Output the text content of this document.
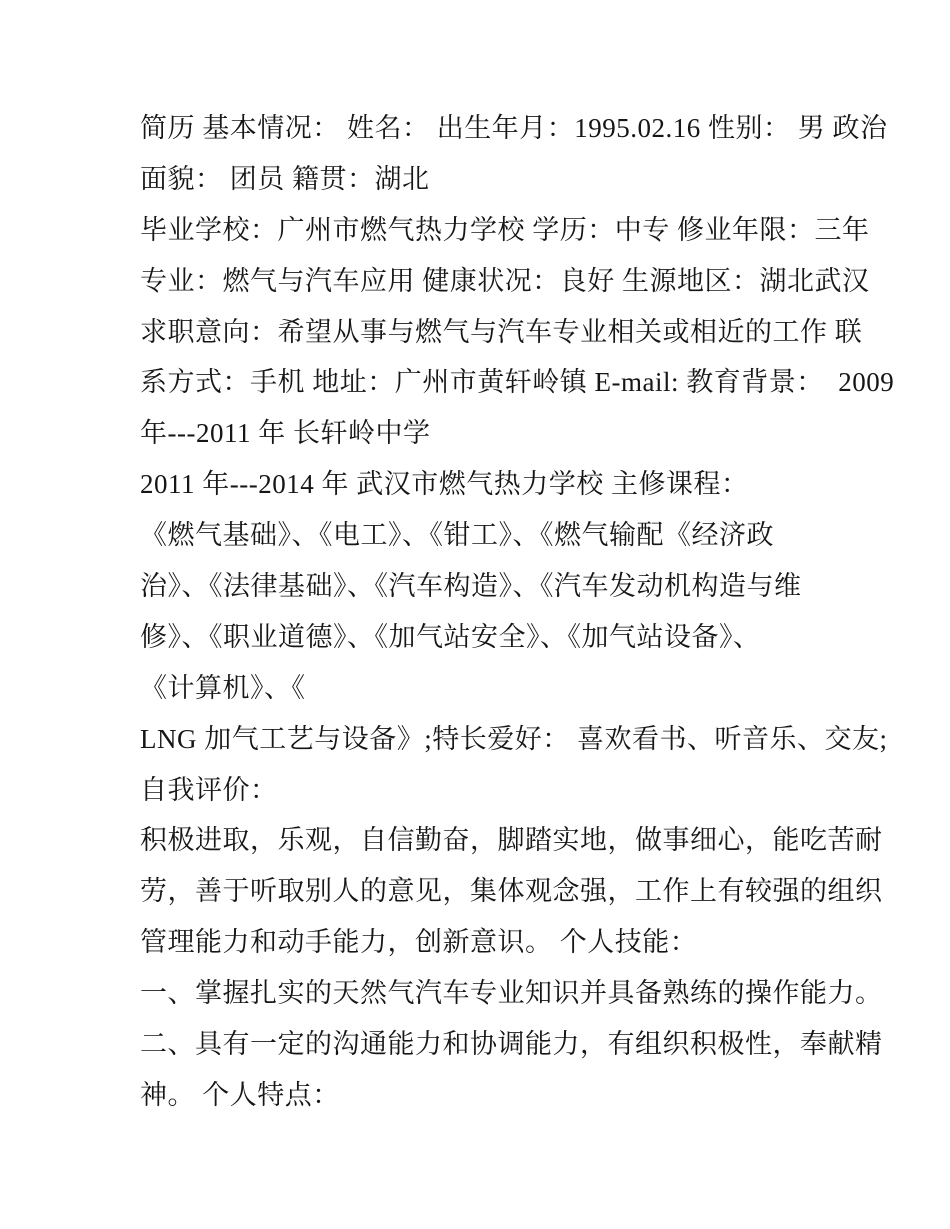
简历 基本情况： 姓名： 出生年月：1995.02.16 性别： 男 政治
面貌： 团员 籍贯：湖北
毕业学校：广州市燃气热力学校 学历：中专 修业年限：三年
专业：燃气与汽车应用 健康状况：良好 生源地区：湖北武汉
求职意向：希望从事与燃气与汽车专业相关或相近的工作 联
系方式：手机 地址：广州市黄轩岭镇 E-mail: 教育背景：  2009
年---2011 年 长轩岭中学
2011 年---2014 年 武汉市燃气热力学校 主修课程：
《燃气基础》、《电工》、《钳工》、《燃气输配《经济政
治》、《法律基础》、《汽车构造》、《汽车发动机构造与维
修》、《职业道德》、《加气站安全》、《加气站设备》、
《计算机》、《
LNG 加气工艺与设备》;特长爱好： 喜欢看书、听音乐、交友;
自我评价：
积极进取，乐观，自信勤奋，脚踏实地，做事细心，能吃苦耐
劳，善于听取别人的意见，集体观念强，工作上有较强的组织
管理能力和动手能力，创新意识。 个人技能：
一、掌握扎实的天然气汽车专业知识并具备熟练的操作能力。
二、具有一定的沟通能力和协调能力，有组织积极性，奉献精
神。 个人特点：
